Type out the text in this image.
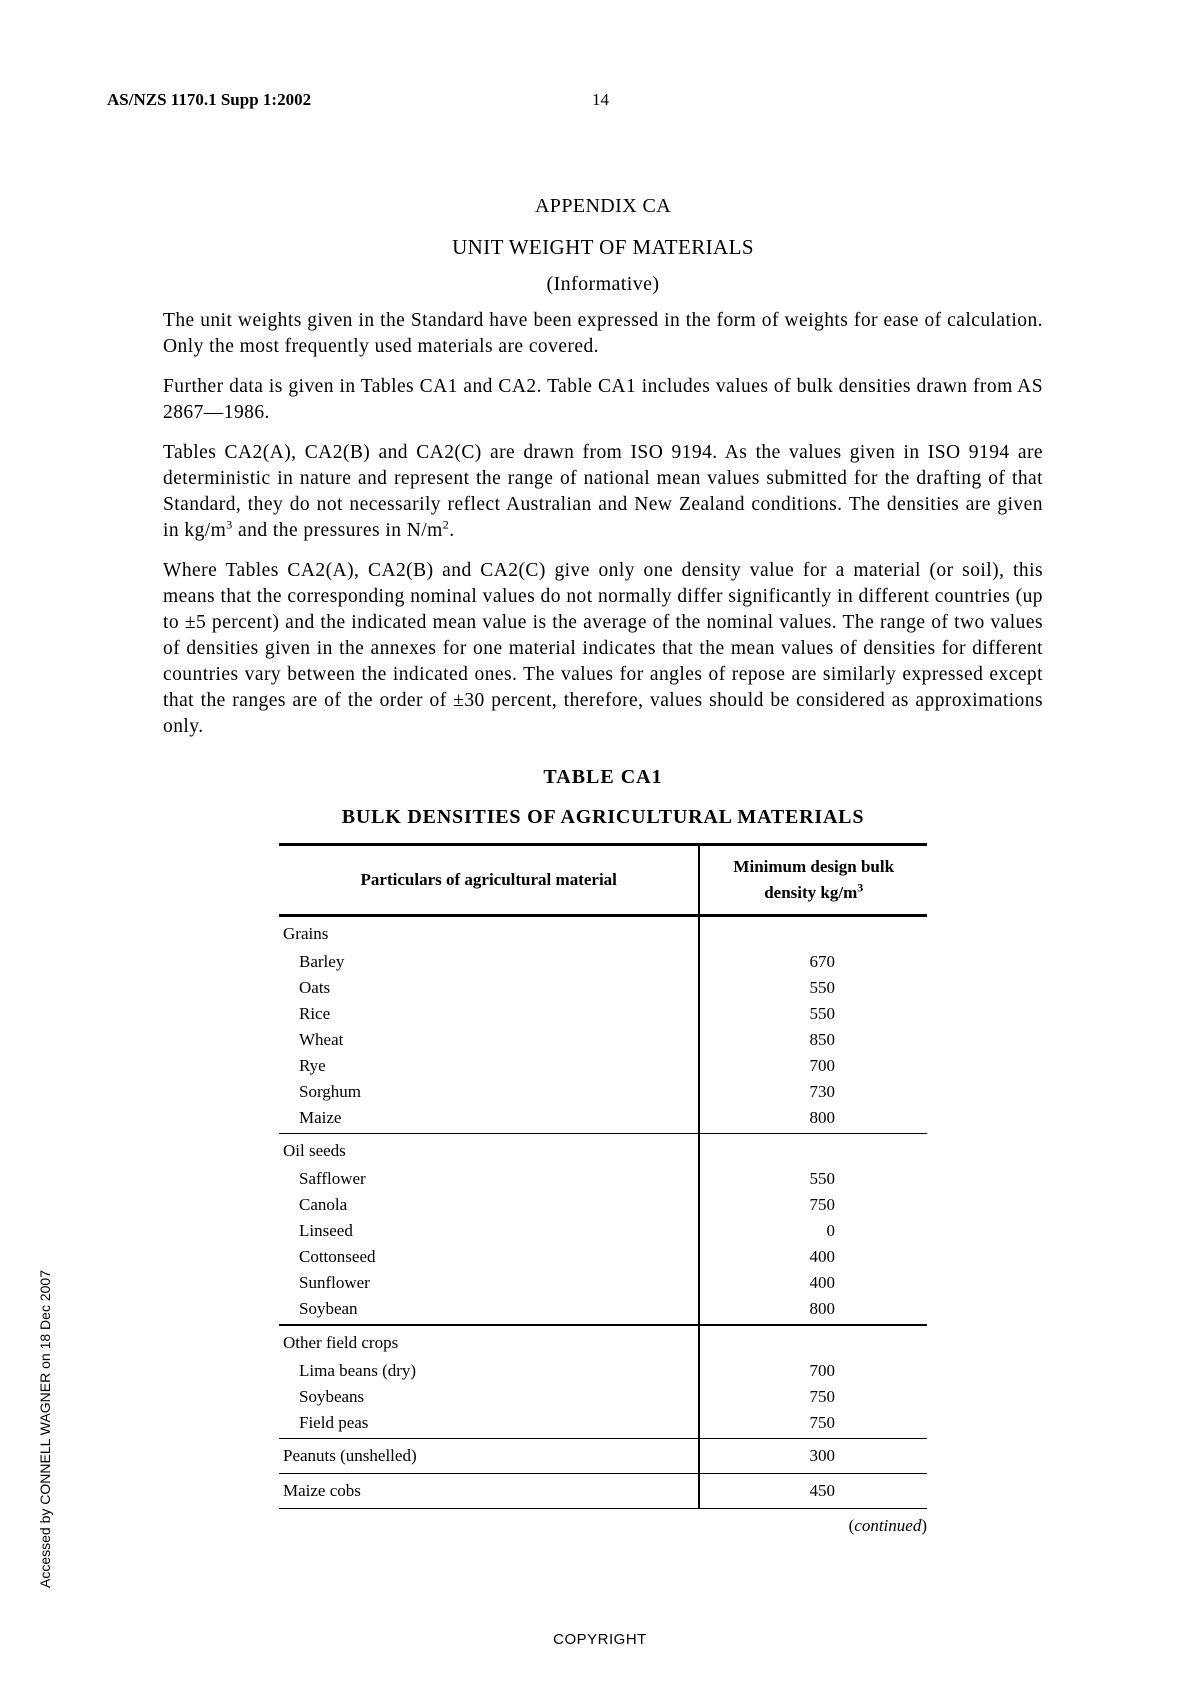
AS/NZS 1170.1 Supp 1:2002	14
Accessed by CONNELL WAGNER on 18 Dec 2007
APPENDIX CA
UNIT WEIGHT OF MATERIALS
(Informative)

The unit weights given in the Standard have been expressed in the form of weights for ease of calculation. Only the most frequently used materials are covered.

Further data is given in Tables CA1 and CA2. Table CA1 includes values of bulk densities drawn from AS 2867—1986.

Tables CA2(A), CA2(B) and CA2(C) are drawn from ISO 9194. As the values given in ISO 9194 are deterministic in nature and represent the range of national mean values submitted for the drafting of that Standard, they do not necessarily reflect Australian and New Zealand conditions. The densities are given in $kg/m^3$ and the pressures in $N/m^2$.

Where Tables CA2(A), CA2(B) and CA2(C) give only one density value for a material (or soil), this means that the corresponding nominal values do not normally differ significantly in different countries (up to ±5 percent) and the indicated mean value is the average of the nominal values. The range of two values of densities given in the annexes for one material indicates that the mean values of densities for different countries vary between the indicated ones. The values for angles of repose are similarly expressed except that the ranges are of the order of ±30 percent, therefore, values should be considered as approximations only.

TABLE CA1
BULK DENSITIES OF AGRICULTURAL MATERIALS
Particulars of agricultural material	Minimum design bulk
density $kg/m^3$
Grains	
Barley	670
Oats	550
Rice	550
Wheat	850
Rye	700
Sorghum	730
Maize	800
Oil seeds	
Safflower	550
Canola	750
Linseed	0
Cottonseed	400
Sunflower	400
Soybean	800
Other field crops	
Lima beans (dry)	700
Soybeans	750
Field peas	750
Peanuts (unshelled)	300
Maize cobs	450
(continued)
COPYRIGHT
